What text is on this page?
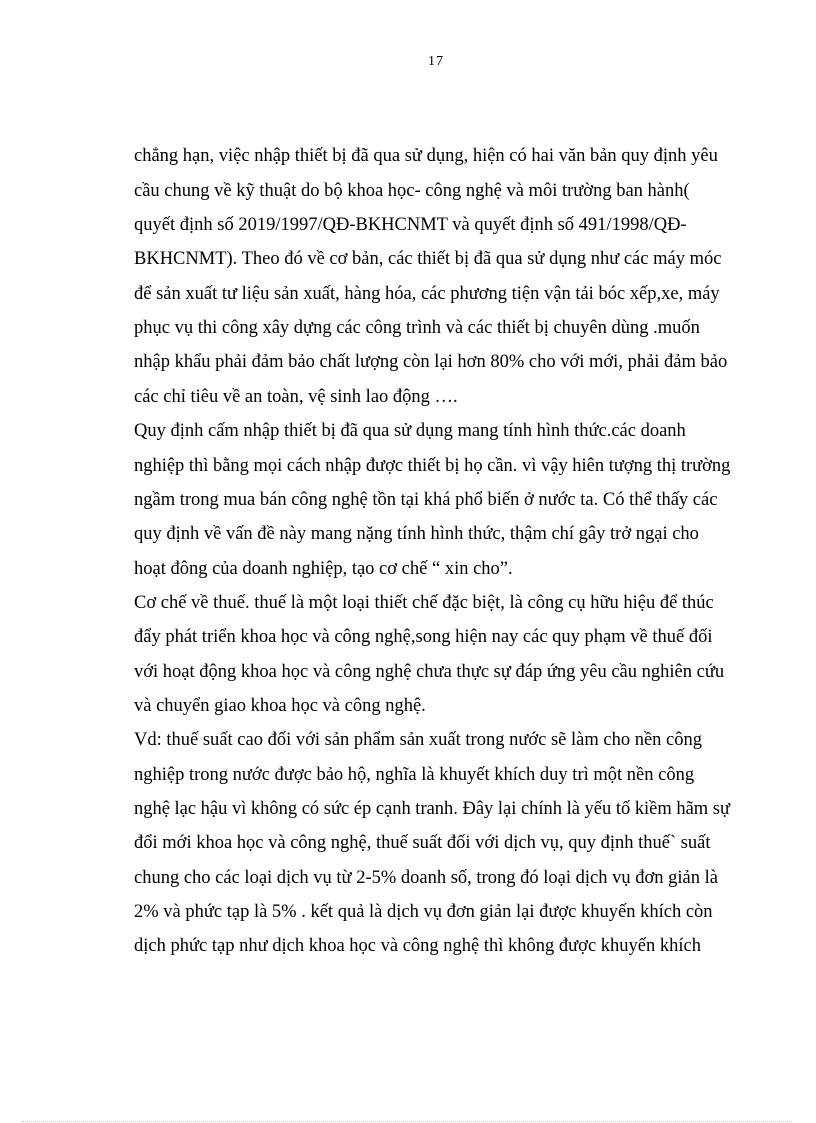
17
chẳng hạn, việc nhập thiết bị đã qua sử dụng, hiện có hai văn bản quy định yêu
cầu chung về kỹ thuật do bộ khoa học- công nghệ và môi trường ban hành(
quyết định số 2019/1997/QĐ-BKHCNMT và quyết định số 491/1998/QĐ-
BKHCNMT). Theo đó về cơ bản, các thiết bị đã qua sử dụng như các máy móc
để sản xuất tư liệu sản xuất, hàng hóa, các phương tiện vận tải bóc xếp,xe, máy
phục vụ thi công xây dựng các công trình và các thiết bị chuyên dùng .muốn
nhập khẩu phải đảm bảo chất lượng còn lại hơn 80% cho với mới, phải đảm bảo
các chỉ tiêu về an toàn, vệ sinh lao động ….
Quy định cấm nhập thiết bị đã qua sử dụng mang tính hình thức.các doanh
nghiệp thì bằng mọi cách nhập được thiết bị họ cần. vì vậy hiên tượng thị trường
ngầm trong mua bán công nghệ tồn tại khá phổ biến ở nước ta. Có thể thấy các
quy định về vấn đề này mang nặng tính hình thức, thậm chí gây trở ngại cho
hoạt đông của doanh nghiệp, tạo cơ chế “ xin cho”.
Cơ chế về thuế. thuế là một loại thiết chế đặc biệt, là công cụ hữu hiệu để thúc
đẩy phát triển khoa học và công nghệ,song hiện nay các quy phạm về thuế đối
với hoạt động khoa học và công nghệ chưa thực sự đáp ứng yêu cầu nghiên cứu
và chuyển giao khoa học và công nghệ.
Vd: thuế suất cao đối với sản phẩm sản xuất trong nước sẽ làm cho nền công
nghiệp trong nước được bảo hộ, nghĩa là khuyết khích duy trì một nền công
nghệ lạc hậu vì không có sức ép cạnh tranh. Đây lại chính là yếu tố kiềm hãm sự
đổi mới khoa học và công nghệ, thuế suất đối với dịch vụ, quy định thuế` suất
chung cho các loại dịch vụ từ 2-5% doanh số, trong đó loại dịch vụ đơn giản là
2% và phức tạp là 5% . kết quả là dịch vụ đơn giản lại được khuyến khích còn
dịch phức tạp như dịch khoa học và công nghệ thì không được khuyến khích
